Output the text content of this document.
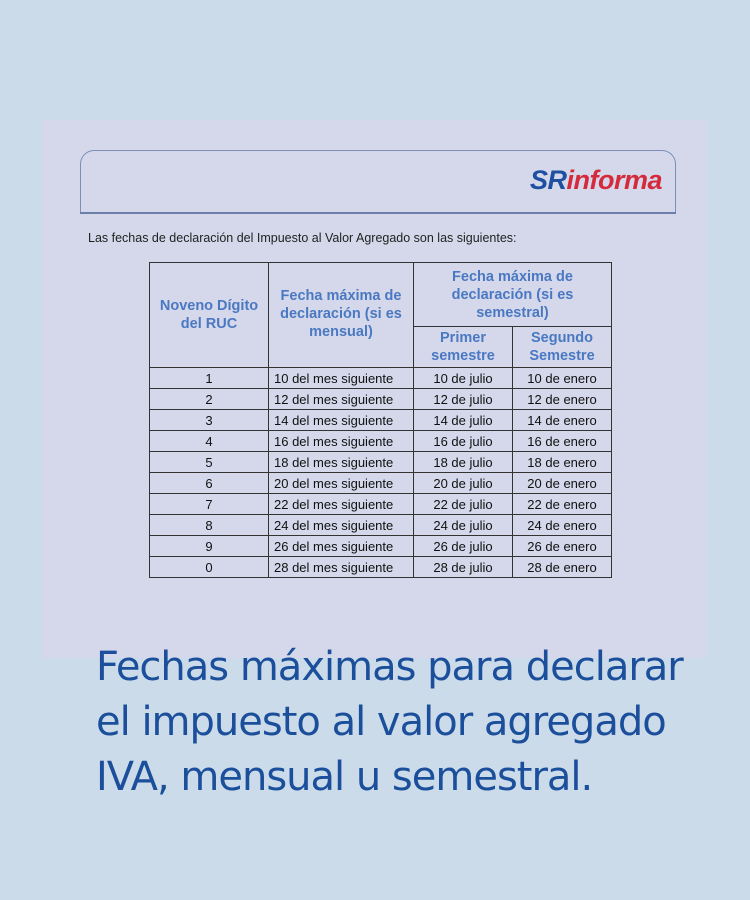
SRinforma
Las fechas de declaración del Impuesto al Valor Agregado son las siguientes:
Noveno Dígito del RUC	Fecha máxima de declaración (si es mensual)	Fecha máxima de declaración (si es semestral)	
		Primer semestre	Segundo Semestre
1	10 del mes siguiente	10 de julio	10 de enero
2	12 del mes siguiente	12 de julio	12 de enero
3	14 del mes siguiente	14 de julio	14 de enero
4	16 del mes siguiente	16 de julio	16 de enero
5	18 del mes siguiente	18 de julio	18 de enero
6	20 del mes siguiente	20 de julio	20 de enero
7	22 del mes siguiente	22 de julio	22 de enero
8	24 del mes siguiente	24 de julio	24 de enero
9	26 del mes siguiente	26 de julio	26 de enero
0	28 del mes siguiente	28 de julio	28 de enero
Fechas máximas para declarar
el impuesto al valor agregado
IVA, mensual u semestral.
